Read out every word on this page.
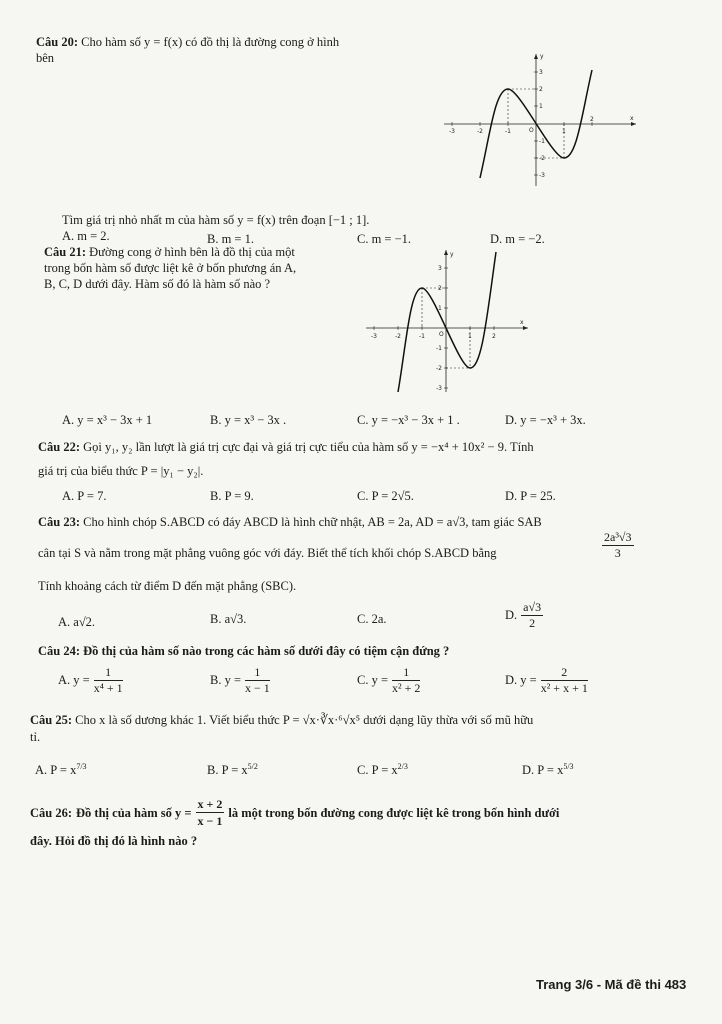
Câu 20: Cho hàm số y = f(x) có đồ thị là đường cong ở hình
bên
-3	-2	-1	O	1
2	x
3
2
1
-1
-2
-3
y
Tìm giá trị nhỏ nhất m của hàm số y = f(x) trên đoạn [−1 ; 1].
A. m = 2.	B. m = 1.	C. m = −1.	D. m = −2.
Câu 21: Đường cong ở hình bên là đồ thị của một
trong bốn hàm số được liệt kê ở bốn phương án A,
B, C, D dưới đây. Hàm số đó là hàm số nào ?
-3	-2	-1 O	1	2
x
3
2
1
-1
-2
-3
y
A. y = x³ − 3x + 1	B. y = x³ − 3x .	C. y = −x³ − 3x + 1 .	D. y = −x³ + 3x.
Câu 22: Gọi y₁, y₂ lần lượt là giá trị cực đại và giá trị cực tiểu của hàm số y = −x⁴ + 10x² − 9. Tính
giá trị của biểu thức P = |y₁ − y₂|.
A. P = 7.	B. P = 9.	C. P = 2√5.	D. P = 25.
Câu 23: Cho hình chóp S.ABCD có đáy ABCD là hình chữ nhật, AB = 2a, AD = a√3, tam giác SAB
cân tại S và nằm trong mặt phẳng vuông góc với đáy. Biết thể tích khối chóp S.ABCD bằng	$\frac{\text{2a³√3}}{3}$
Tính khoảng cách từ điểm D đến mặt phẳng (SBC).
A. a√2.	B. a√3.	C. 2a.	D. $\frac{a√3}{2}$
Câu 24: Đồ thị của hàm số nào trong các hàm số dưới đây có tiệm cận đứng ?
A. $y = \frac{1}{\text{x⁴ + 1}}$	B. $y = \frac{1}{x - 1}$	C. $y = \frac{1}{\text{x² + 2}}$	D. $y = \frac{2}{\text{x² + x + 1}}$
Câu 25: Cho x là số dương khác 1. Viết biểu thức P = √x·∛x·⁶√x⁵ dưới dạng lũy thừa với số mũ hữu
tỉ.
A. $P = x^{7/3}$	B. $P = x^{5/2}$	C. $P = x^{2/3}$	D. $P = x^{5/3}$
Câu 26: Đồ thị của hàm số $y = \frac{x + 2}{x - 1}$ là một trong bốn đường cong được liệt kê trong bốn hình dưới
đây. Hỏi đồ thị đó là hình nào ?
Trang 3/6 - Mã đề thi 483
